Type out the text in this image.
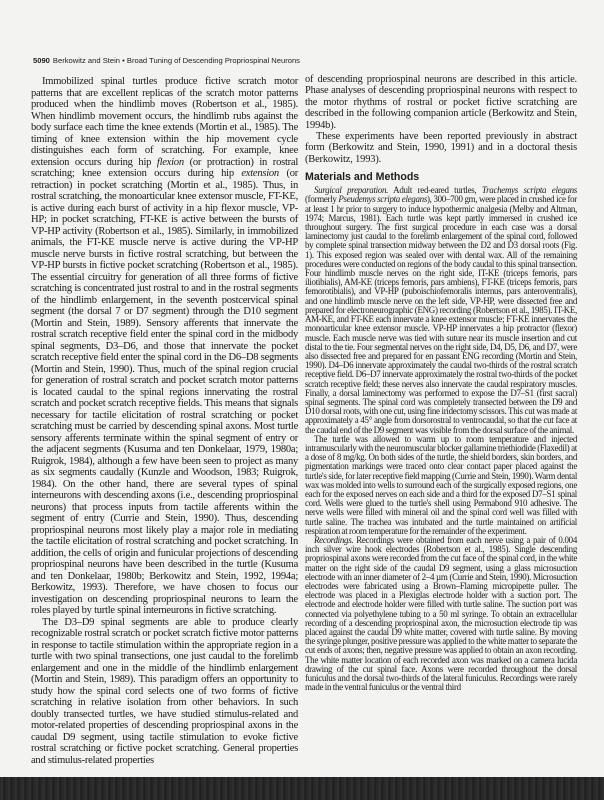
5090 Berkowitz and Stein • Broad Tuning of Descending Propriospinal Neurons

Immobilized spinal turtles produce fictive scratch motor patterns that are excellent replicas of the scratch motor patterns produced when the hindlimb moves (Robertson et al., 1985). When hindlimb movement occurs, the hindlimb rubs against the body surface each time the knee extends (Mortin et al., 1985). The timing of knee extension within the hip movement cycle distinguishes each form of scratching. For example, knee extension occurs during hip flexion (or protraction) in rostral scratching; knee extension occurs during hip extension (or retraction) in pocket scratching (Mortin et al., 1985). Thus, in rostral scratching, the monoarticular knee extensor muscle, FT-KE, is active during each burst of activity in a hip flexor muscle, VP-HP; in pocket scratching, FT-KE is active between the bursts of VP-HP activity (Robertson et al., 1985). Similarly, in immobilized animals, the FT-KE muscle nerve is active during the VP-HP muscle nerve bursts in fictive rostral scratching, but between the VP-HP bursts in fictive pocket scratching (Robertson et al., 1985). The essential circuitry for generation of all three forms of fictive scratching is concentrated just rostral to and in the rostral segments of the hindlimb enlargement, in the seventh postcervical spinal segment (the dorsal 7 or D7 segment) through the D10 segment (Mortin and Stein, 1989). Sensory afferents that innervate the rostral scratch receptive field enter the spinal cord in the midbody spinal segments, D3–D6, and those that innervate the pocket scratch receptive field enter the spinal cord in the D6–D8 segments (Mortin and Stein, 1990). Thus, much of the spinal region crucial for generation of rostral scratch and pocket scratch motor patterns is located caudal to the spinal regions innervating the rostral scratch and pocket scratch receptive fields. This means that signals necessary for tactile elicitation of rostral scratching or pocket scratching must be carried by descending spinal axons. Most turtle sensory afferents terminate within the spinal segment of entry or the adjacent segments (Kusuma and ten Donkelaar, 1979, 1980a; Ruigrok, 1984), although a few have been seen to project as many as six segments caudally (Kunzle and Woodson, 1983; Ruigrok, 1984). On the other hand, there are several types of spinal interneurons with descending axons (i.e., descending propriospinal neurons) that process inputs from tactile afferents within the segment of entry (Currie and Stein, 1990). Thus, descending propriospinal neurons most likely play a major role in mediating the tactile elicitation of rostral scratching and pocket scratching. In addition, the cells of origin and funicular projections of descending propriospinal neurons have been described in the turtle (Kusuma and ten Donkelaar, 1980b; Berkowitz and Stein, 1992, 1994a; Berkowitz, 1993). Therefore, we have chosen to focus our investigation on descending propriospinal neurons to learn the roles played by turtle spinal interneurons in fictive scratching.

The D3–D9 spinal segments are able to produce clearly recognizable rostral scratch or pocket scratch fictive motor patterns in response to tactile stimulation within the appropriate region in a turtle with two spinal transections, one just caudal to the forelimb enlargement and one in the middle of the hindlimb enlargement (Mortin and Stein, 1989). This paradigm offers an opportunity to study how the spinal cord selects one of two forms of fictive scratching in relative isolation from other behaviors. In such doubly transected turtles, we have studied stimulus-related and motor-related properties of descending propriospinal axons in the caudal D9 segment, using tactile stimulation to evoke fictive rostral scratching or fictive pocket scratching. General properties and stimulus-related properties

of descending propriospinal neurons are described in this article. Phase analyses of descending propriospinal neurons with respect to the motor rhythms of rostral or pocket fictive scratching are described in the following companion article (Berkowitz and Stein, 1994b).

These experiments have been reported previously in abstract form (Berkowitz and Stein, 1990, 1991) and in a doctoral thesis (Berkowitz, 1993).

Materials and Methods

Surgical preparation. Adult red-eared turtles, Trachemys scripta elegans (formerly Pseudemys scripta elegans), 300–700 gm, were placed in crushed ice for at least 1 hr prior to surgery to induce hypothermic analgesia (Melby and Altman, 1974; Marcus, 1981). Each turtle was kept partly immersed in crushed ice throughout surgery. The first surgical procedure in each case was a dorsal laminectomy just caudal to the forelimb enlargement of the spinal cord, followed by complete spinal transection midway between the D2 and D3 dorsal roots (Fig. 1). This exposed region was sealed over with dental wax. All of the remaining procedures were conducted on regions of the body caudal to this spinal transection. Four hindlimb muscle nerves on the right side, IT-KE (triceps femoris, pars iliotibialis), AM-KE (triceps femoris, pars ambiens), FT-KE (triceps femoris, pars femorotibialis), and VP-HP (puboischiofemoralis internus, pars anteroventralis), and one hindlimb muscle nerve on the left side, VP-HP, were dissected free and prepared for electroneurographic (ENG) recording (Robertson et al., 1985). IT-KE, AM-KE, and FT-KE each innervate a knee extensor muscle; FT-KE innervates the monoarticular knee extensor muscle. VP-HP innervates a hip protractor (flexor) muscle. Each muscle nerve was tied with suture near its muscle insertion and cut distal to the tie. Four segmental nerves on the right side, D4, D5, D6, and D7, were also dissected free and prepared for en passant ENG recording (Mortin and Stein, 1990). D4–D6 innervate approximately the caudal two-thirds of the rostral scratch receptive field. D6–D7 innervate approximately the rostral two-thirds of the pocket scratch receptive field; these nerves also innervate the caudal respiratory muscles. Finally, a dorsal laminectomy was performed to expose the D7–S1 (first sacral) spinal segments. The spinal cord was completely transected between the D9 and D10 dorsal roots, with one cut, using fine iridectomy scissors. This cut was made at approximately a 45° angle from dorsorostral to ventrocaudal, so that the cut face at the caudal end of the D9 segment was visible from the dorsal surface of the animal.

The turtle was allowed to warm up to room temperature and injected intramuscularly with the neuromuscular blocker gallamine triethiodide (Flaxedil) at a dose of 8 mg/kg. On both sides of the turtle, the shield borders, skin borders, and pigmentation markings were traced onto clear contact paper placed against the turtle's side, for later receptive field mapping (Currie and Stein, 1990). Warm dental wax was molded into wells to surround each of the surgically exposed regions, one each for the exposed nerves on each side and a third for the exposed D7–S1 spinal cord. Wells were glued to the turtle's shell using Permabond 910 adhesive. The nerve wells were filled with mineral oil and the spinal cord well was filled with turtle saline. The trachea was intubated and the turtle maintained on artificial respiration at room temperature for the remainder of the experiment.

Recordings. Recordings were obtained from each nerve using a pair of 0.004 inch silver wire hook electrodes (Robertson et al., 1985). Single descending propriospinal axons were recorded from the cut face of the spinal cord, in the white matter on the right side of the caudal D9 segment, using a glass microsuction electrode with an inner diameter of 2–4 µm (Currie and Stein, 1990). Microsuction electrodes were fabricated using a Brown–Flaming micropipette puller. The electrode was placed in a Plexiglas electrode holder with a suction port. The electrode and electrode holder were filled with turtle saline. The suction port was connected via polyethylene tubing to a 50 ml syringe. To obtain an extracellular recording of a descending propriospinal axon, the microsuction electrode tip was placed against the caudal D9 white matter, covered with turtle saline. By moving the syringe plunger, positive pressure was applied to the white matter to separate the cut ends of axons; then, negative pressure was applied to obtain an axon recording. The white matter location of each recorded axon was marked on a camera lucida drawing of the cut spinal face. Axons were recorded throughout the dorsal funiculus and the dorsal two-thirds of the lateral funiculus. Recordings were rarely made in the ventral funiculus or the ventral third
